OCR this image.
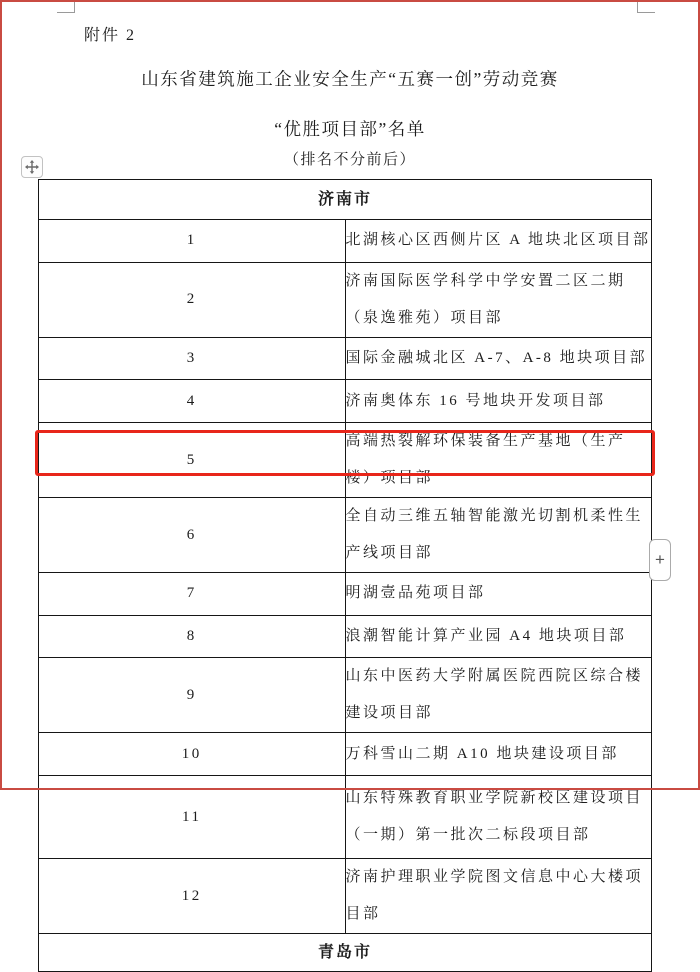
附件 2
山东省建筑施工企业安全生产“五赛一创”劳动竞赛
“优胜项目部”名单
（排名不分前后）
济南市	
1	北湖核心区西侧片区 A 地块北区项目部
2	济南国际医学科学中学安置二区二期（泉逸雅苑）项目部
3	国际金融城北区 A-7、A-8 地块项目部
4	济南奥体东 16 号地块开发项目部
5	高端热裂解环保装备生产基地（生产楼）项目部
6	全自动三维五轴智能激光切割机柔性生产线项目部
7	明湖壹品苑项目部
8	浪潮智能计算产业园 A4 地块项目部
9	山东中医药大学附属医院西院区综合楼建设项目部
10	万科雪山二期 A10 地块建设项目部
11	山东特殊教育职业学院新校区建设项目（一期）第一批次二标段项目部
12	济南护理职业学院图文信息中心大楼项目部
青岛市	
+
